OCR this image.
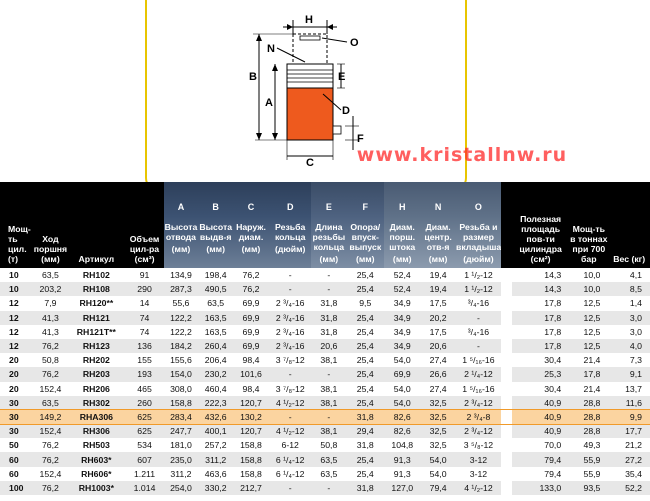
H
B
A
N	O
E
D
F
C	www.kristallnw.ru
Мощ-ть цил. (т)	Ход поршня (мм)	Артикул	Объем цил-ра (см³)	A
Высота отвода
(мм)	B
Высота выдв-я
(мм)	C
Наруж. диам.
(мм)	D
Резьба кольца
(дюйм)	E
Длина резьбы кольца
(мм)	F
Опора/ впуск-выпуск
(мм)	H
Диам. порш. штока
(мм)	N
Диам. центр. отв-я
(мм)	O
Резьба и размер вкладыша
(дюйм)		Полезная площадь пов-ти цилиндра (см²)	Мощ-ть в тоннах при 700 бар	Вес (кг)
10	63,5	RH102	91	134,9	198,4	76,2	-	-	25,4	52,4	19,4	1 ¹/₂-12		14,3	10,0	4,1
10	203,2	RH108	290	287,3	490,5	76,2	-	-	25,4	52,4	19,4	1 ¹/₂-12		14,3	10,0	8,5
12	7,9	RH120**	14	55,6	63,5	69,9	2 ³/₄-16	31,8	9,5	34,9	17,5	³/₄-16		17,8	12,5	1,4
12	41,3	RH121	74	122,2	163,5	69,9	2 ³/₄-16	31,8	25,4	34,9	20,2	-		17,8	12,5	3,0
12	41,3	RH121T**	74	122,2	163,5	69,9	2 ³/₄-16	31,8	25,4	34,9	17,5	³/₄-16		17,8	12,5	3,0
12	76,2	RH123	136	184,2	260,4	69,9	2 ³/₄-16	20,6	25,4	34,9	20,6	-		17,8	12,5	4,0
20	50,8	RH202	155	155,6	206,4	98,4	3 ⁷/₈-12	38,1	25,4	54,0	27,4	1 ⁵/₁₆-16		30,4	21,4	7,3
20	76,2	RH203	193	154,0	230,2	101,6	-	-	25,4	69,9	26,6	2 ¹/₄-12		25,3	17,8	9,1
20	152,4	RH206	465	308,0	460,4	98,4	3 ⁷/₈-12	38,1	25,4	54,0	27,4	1 ⁵/₁₆-16		30,4	21,4	13,7
30	63,5	RH302	260	158,8	222,3	120,7	4 ¹/₂-12	38,1	25,4	54,0	32,5	2 ³/₄-12		40,9	28,8	11,6
30	149,2	RHA306	625	283,4	432,6	130,2	-	-	31,8	82,6	32,5	2 ³/₄-8		40,9	28,8	9,9
30	152,4	RH306	625	247,7	400,1	120,7	4 ¹/₂-12	38,1	29,4	82,6	32,5	2 ³/₄-12		40,9	28,8	17,7
50	76,2	RH503	534	181,0	257,2	158,8	6-12	50,8	31,8	104,8	32,5	3 ⁵/₈-12		70,0	49,3	21,2
60	76,2	RH603*	607	235,0	311,2	158,8	6 ¹/₄-12	63,5	25,4	91,3	54,0	3-12		79,4	55,9	27,2
60	152,4	RH606*	1.211	311,2	463,6	158,8	6 ¹/₄-12	63,5	25,4	91,3	54,0	3-12		79,4	55,9	35,4
100	76,2	RH1003*	1.014	254,0	330,2	212,7	-	-	31,8	127,0	79,4	4 ¹/₂-12		133,0	93,5	52,2
